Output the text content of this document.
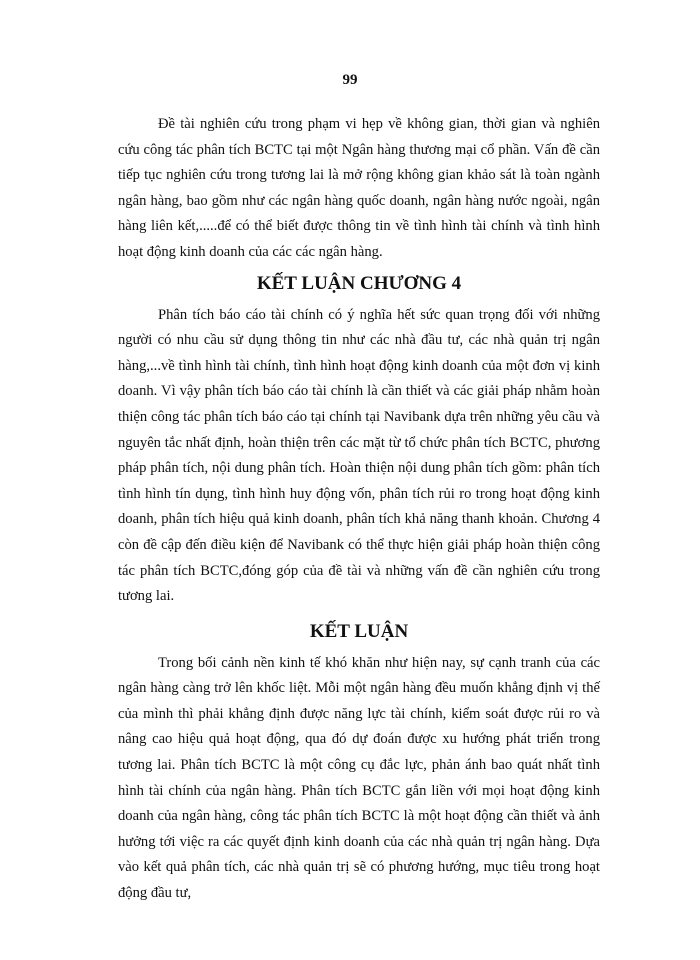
99

Đề tài nghiên cứu trong phạm vi hẹp về không gian, thời gian và nghiên cứu công tác phân tích BCTC tại một Ngân hàng thương mại cổ phần. Vấn đề cần tiếp tục nghiên cứu trong tương lai là mở rộng không gian khảo sát là toàn ngành ngân hàng, bao gồm như các ngân hàng quốc doanh, ngân hàng nước ngoài, ngân hàng liên kết,.....để có thể biết được thông tin về tình hình tài chính và tình hình hoạt động kinh doanh của các các ngân hàng.

KẾT LUẬN CHƯƠNG 4

Phân tích báo cáo tài chính có ý nghĩa hết sức quan trọng đối với những người có nhu cầu sử dụng thông tin như các nhà đầu tư, các nhà quản trị ngân hàng,...về tình hình tài chính, tình hình hoạt động kinh doanh của một đơn vị kinh doanh. Vì vậy phân tích báo cáo tài chính là cần thiết và các giải pháp nhằm hoàn thiện công tác phân tích báo cáo tại chính tại Navibank dựa trên những yêu cầu và nguyên tắc nhất định, hoàn thiện trên các mặt từ tổ chức phân tích BCTC, phương pháp phân tích, nội dung phân tích. Hoàn thiện nội dung phân tích gồm: phân tích tình hình tín dụng, tình hình huy động vốn, phân tích rủi ro trong hoạt động kinh doanh, phân tích hiệu quả kinh doanh, phân tích khả năng thanh khoản. Chương 4 còn đề cập đến điều kiện để Navibank có thể thực hiện giải pháp hoàn thiện công tác phân tích BCTC,đóng góp của đề tài và những vấn đề cần nghiên cứu trong tương lai.

KẾT LUẬN

Trong bối cảnh nền kinh tế khó khăn như hiện nay, sự cạnh tranh của các ngân hàng càng trở lên khốc liệt. Mỗi một ngân hàng đều muốn khẳng định vị thế của mình thì phải khẳng định được năng lực tài chính, kiểm soát được rủi ro và nâng cao hiệu quả hoạt động, qua đó dự đoán được xu hướng phát triển trong tương lai. Phân tích BCTC là một công cụ đắc lực, phản ánh bao quát nhất tình hình tài chính của ngân hàng. Phân tích BCTC gắn liền với mọi hoạt động kinh doanh của ngân hàng, công tác phân tích BCTC là một hoạt động cần thiết và ảnh hưởng tới việc ra các quyết định kinh doanh của các nhà quản trị ngân hàng. Dựa vào kết quả phân tích, các nhà quản trị sẽ có phương hướng, mục tiêu trong hoạt động đầu tư,
